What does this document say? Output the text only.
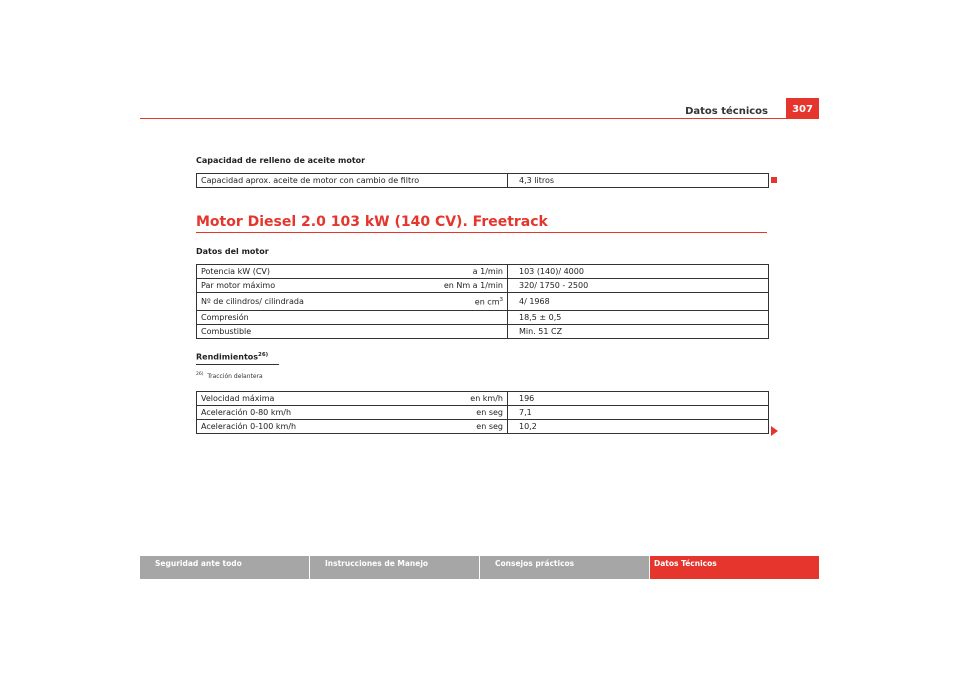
Datos técnicos	307
Capacidad de relleno de aceite motor
Capacidad aprox. aceite de motor con cambio de filtro		4,3 litros
Motor Diesel 2.0 103 kW (140 CV). Freetrack
Datos del motor
Potencia kW (CV)	a 1/min	103 (140)/ 4000
Par motor máximo	en Nm a 1/min	320/ 1750 - 2500
Nº de cilindros/ cilindrada	en $cm^3$	4/ 1968
Compresión		18,5 ± 0,5
Combustible		Min. 51 CZ
Rendimientos$^{26)}$
$^{26)}$ Tracción delantera
Velocidad máxima	en km/h	196
Aceleración 0-80 km/h	en seg	7,1
Aceleración 0-100 km/h	en seg	10,2
Seguridad ante todo	Instrucciones de Manejo	Consejos prácticos	Datos Técnicos
